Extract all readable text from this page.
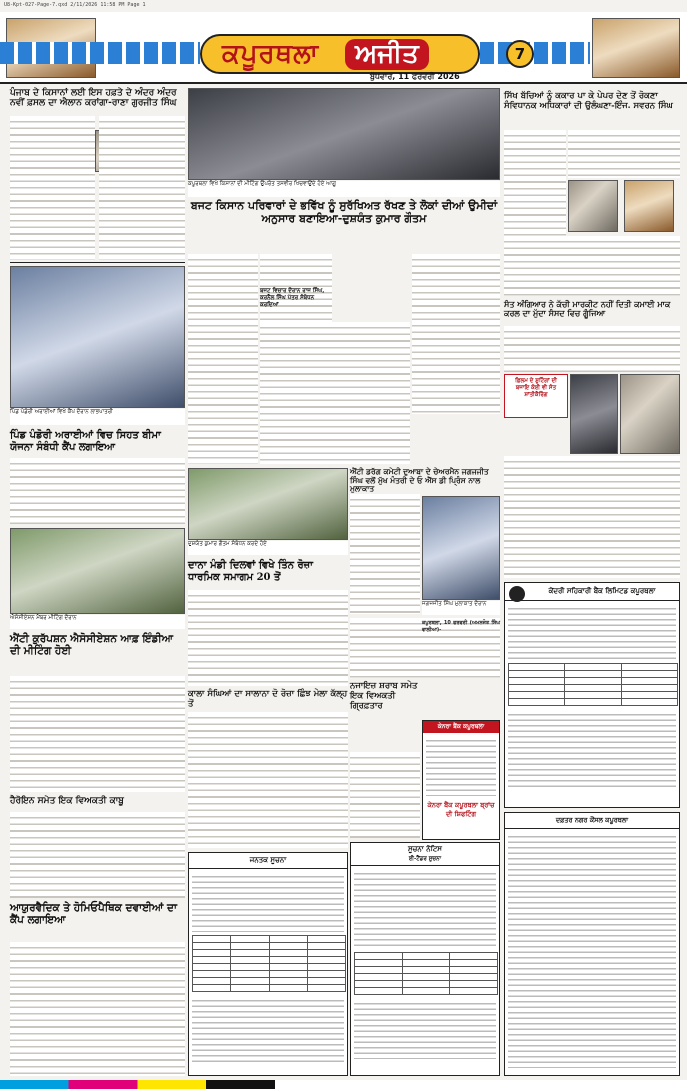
U8-Kpt-027-Page-7.qxd 2/11/2026 11:58 PM Page 1
ਕਪੂਰਥਲਾ	ਅਜੀਤ
ਬੁੱਧਵਾਰ, 11 ਫਰਵਰੀ 2026
7
ਪੰਜਾਬ ਦੇ ਕਿਸਾਨਾਂ ਲਈ ਇਸ ਹਫ਼ਤੇ ਦੇ ਅੰਦਰ ਅੰਦਰ ਨਵੀਂ ਫ਼ਸਲ ਦਾ ਐਲਾਨ ਕਰਾਂਗਾ-ਰਾਣਾ ਗੁਰਜੀਤ ਸਿੰਘ
ਪਿੰਡ ਪੰਡੋਰੀ ਅਰਾਈਆਂ ਵਿਖੇ ਕੈਂਪ ਦੌਰਾਨ ਲਾਭਪਾਤਰੀ
ਪਿੰਡ ਪੰਡੋਰੀ ਅਰਾਈਆਂ ਵਿਚ ਸਿਹਤ ਬੀਮਾ ਯੋਜਨਾ ਸੰਬੰਧੀ ਕੈਂਪ ਲਗਾਇਆ
ਐਸੋਸੀਏਸ਼ਨ ਮੈਂਬਰ ਮੀਟਿੰਗ ਦੌਰਾਨ
ਐਂਟੀ ਕੁਰੱਪਸ਼ਨ ਐਸੋਸੀਏਸ਼ਨ ਆਫ਼ ਇੰਡੀਆ ਦੀ ਮੀਟਿੰਗ ਹੋਈ
ਹੈਰੋਇਨ ਸਮੇਤ ਇਕ ਵਿਅਕਤੀ ਕਾਬੂ
ਆਯੁਰਵੈਦਿਕ ਤੇ ਹੋਮਿਓਪੈਥਿਕ ਦਵਾਈਆਂ ਦਾ ਕੈਂਪ ਲਗਾਇਆ
ਕਪੂਰਥਲਾ ਵਿਖੇ ਕਿਸਾਨਾਂ ਦੀ ਮੀਟਿੰਗ ਉਪਰੰਤ ਤਸਵੀਰ ਖਿਚਵਾਉਂਦੇ ਹੋਏ ਆਗੂ
ਬਜਟ ਕਿਸਾਨ ਪਰਿਵਾਰਾਂ ਦੇ ਭਵਿੱਖ ਨੂੰ ਸੁਰੱਖਿਅਤ ਰੱਖਣ ਤੇ ਲੋਕਾਂ ਦੀਆਂ ਉਮੀਦਾਂ ਅਨੁਸਾਰ ਬਣਾਇਆ-ਦੁਸ਼ਯੰਤ ਕੁਮਾਰ ਗੌਤਮ
ਬਜਟ ਵਿਚਾਰ ਦੌਰਾਨ ਰਾਜ ਸਿੰਘ, ਕਰਨੈਲ ਸਿੰਘ ਪੱਤਰ ਸੰਬੋਧਨ ਕਰਦਿਆਂ
ਦੁਸ਼ਯੰਤ ਕੁਮਾਰ ਗੌਤਮ ਸੰਬੋਧਨ ਕਰਦੇ ਹੋਏ
ਦਾਨਾ ਮੰਡੀ ਦਿਲਵਾਂ ਵਿਖੇ ਤਿੰਨ ਰੋਜ਼ਾ ਧਾਰਮਿਕ ਸਮਾਗਮ 20 ਤੋਂ
ਕਾਲਾ ਸੰਘਿਆਂ ਦਾ ਸਾਲਾਨਾ ਦੋ ਰੋਜ਼ਾ ਛਿੰਝ ਮੇਲਾ ਕੱਲ੍ਹ ਤੋਂ
ਜਨਤਕ ਸੂਚਨਾ

ਐਂਟੀ ਡਰੱਗ ਕਮੇਟੀ ਦੁਆਬਾ ਦੇ ਚੇਅਰਮੈਨ ਜਗਜਜੀਤ ਸਿੰਘ ਵਲੋਂ ਮੁੱਖ ਮੰਤਰੀ ਦੇ ਓ ਐੱਸ ਡੀ ਪ੍ਰਿੰਸ ਨਾਲ ਮੁਲਾਕਾਤ
ਜਗਜਜੀਤ ਸਿੰਘ ਮੁਲਾਕਾਤ ਦੌਰਾਨ
ਨਜਾਇਜ਼ ਸ਼ਰਾਬ ਸਮੇਤ ਇਕ ਵਿਅਕਤੀ ਗ੍ਰਿਫ਼ਤਾਰ
ਕਪੂਰਥਲਾ, 10 ਫਰਵਰੀ (ਅਮਨਜੋਤ ਸਿੰਘ ਵਾਲੀਆ)-
ਕੇਨਰਾ ਬੈਂਕ ਕਪੂਰਥਲਾ
ਕੇਨਰਾ ਬੈਂਕ ਕਪੂਰਥਲਾ ਬ੍ਰਾਂਚ ਦੀ ਸ਼ਿਫਟਿੰਗ
ਸੂਚਨਾ ਨੋਟਿਸ
ਈ-ਟੈਂਡਰ ਸੂਚਨਾ

ਸਿੱਖ ਬੱਚਿਆਂ ਨੂੰ ਕਕਾਰ ਪਾ ਕੇ ਪੇਪਰ ਦੇਣ ਤੋਂ ਰੋਕਣਾ ਸੰਵਿਧਾਨਕ ਅਧਿਕਾਰਾਂ ਦੀ ਉਲੰਘਣਾ-ਇੰਜ. ਸਵਰਨ ਸਿੰਘ
ਸੰਤ ਅੰਗਿਆਰ ਨੇ ਕੱਚੀ ਮਾਰਕੀਟ ਨਹੀਂ ਦਿਤੀ ਕਮਾਈ ਮਾਕ ਕਰਲ ਦਾ ਮੁੱਦਾ ਸੰਸਦ ਵਿਚ ਗੂੰਜਿਆ
ਫ਼ਿਲਮ ਦੇ ਸ਼ੂਟਿੰਗਾਂ ਦੀ ਬਜਾਇ ਕੋਈ ਵੀ ਸੰਤ ਸ਼ਾਂਤੀਕੈਰਿੰਗ
ਕੇਂਦਰੀ ਸਹਿਕਾਰੀ ਬੈਂਕ ਲਿਮਿਟਡ ਕਪੂਰਥਲਾ

ਦਫ਼ਤਰ ਨਗਰ ਕੌਂਸਲ ਕਪੂਰਥਲਾ
